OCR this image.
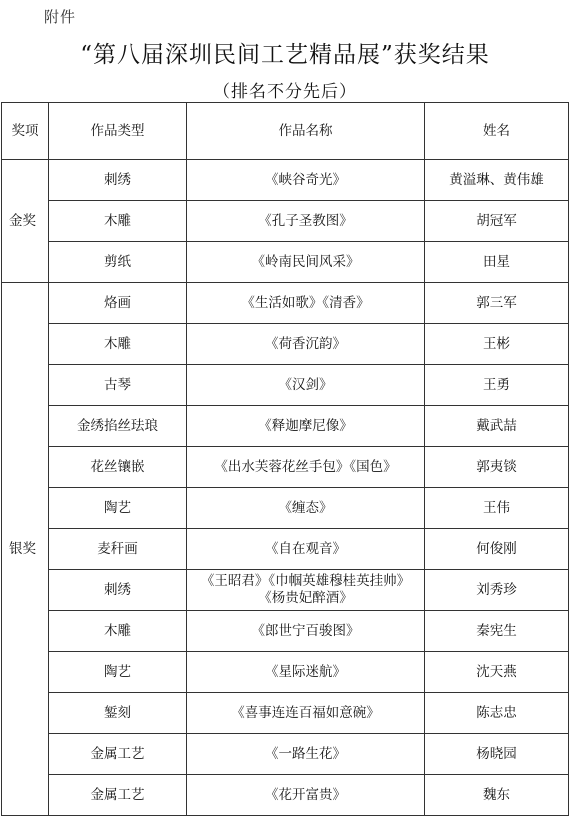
附件
“第八届深圳民间工艺精品展”获奖结果
（排名不分先后）
奖项	作品类型	作品名称	姓名
金奖	刺绣	《峡谷奇光》	黄溢琳、黄伟雄
	木雕	《孔子圣教图》	胡冠军
	剪纸	《岭南民间风采》	田星
银奖	烙画	《生活如歌》《清香》	郭三军
	木雕	《荷香沉韵》	王彬
	古琴	《汉剑》	王勇
	金绣掐丝珐琅	《释迦摩尼像》	戴武喆
	花丝镶嵌	《出水芙蓉花丝手包》《国色》	郭夷锬
	陶艺	《缠态》	王伟
	麦秆画	《自在观音》	何俊刚
	刺绣	《王昭君》《巾帼英雄穆桂英挂帅》
《杨贵妃醉酒》	刘秀珍
	木雕	《郎世宁百骏图》	秦宪生
	陶艺	《星际迷航》	沈天燕
	錾刻	《喜事连连百福如意碗》	陈志忠
	金属工艺	《一路生花》	杨晓园
	金属工艺	《花开富贵》	魏东
